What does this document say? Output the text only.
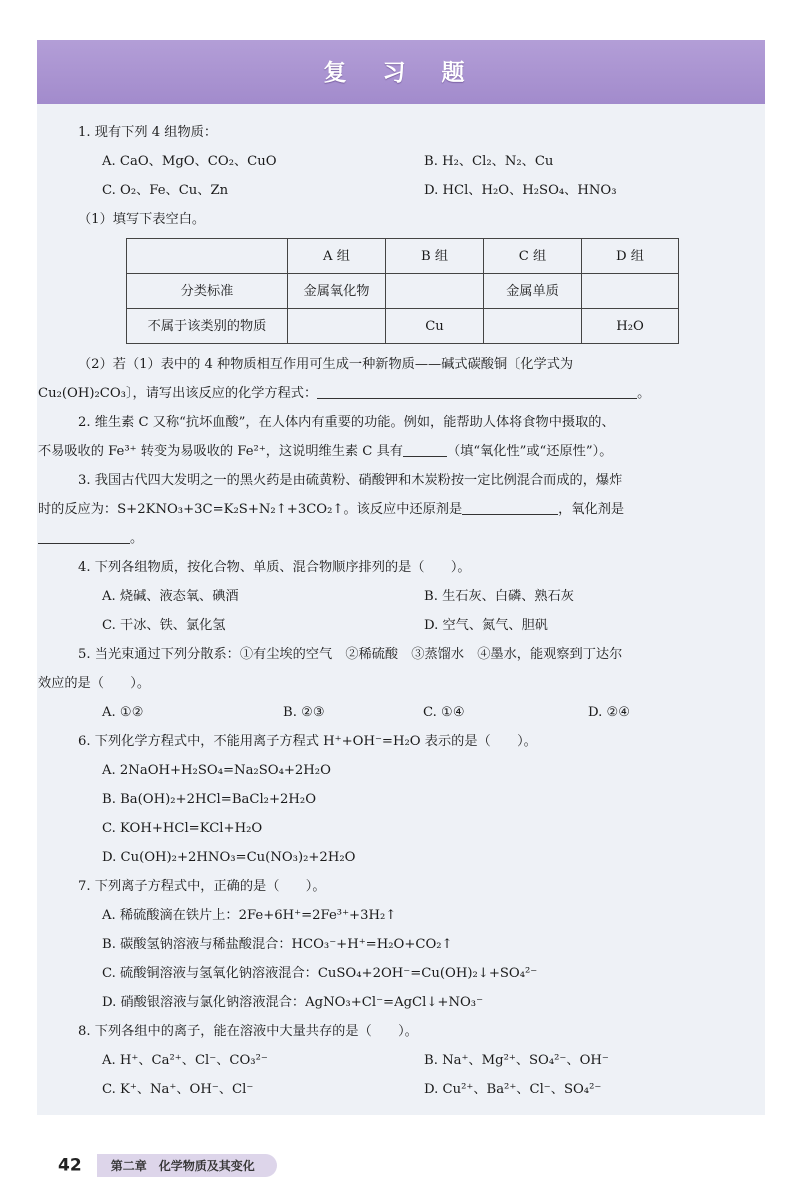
复 习 题
1. 现有下列 4 组物质：
A. CaO、MgO、CO₂、CuO	B. H₂、Cl₂、N₂、Cu
C. O₂、Fe、Cu、Zn	D. HCl、H₂O、H₂SO₄、HNO₃
（1）填写下表空白。
	A 组	B 组	C 组	D 组
分类标准	金属氧化物		金属单质	
不属于该类别的物质		Cu		H₂O
（2）若（1）表中的 4 种物质相互作用可生成一种新物质——碱式碳酸铜〔化学式为
Cu₂(OH)₂CO₃〕，请写出该反应的化学方程式：	。
2. 维生素 C 又称“抗坏血酸”，在人体内有重要的功能。例如，能帮助人体将食物中摄取的、
不易吸收的 Fe³⁺ 转变为易吸收的 Fe²⁺，这说明维生素 C 具有	（填“氧化性”或“还原性”）。
3. 我国古代四大发明之一的黑火药是由硫黄粉、硝酸钾和木炭粉按一定比例混合而成的，爆炸
时的反应为：S+2KNO₃+3C=K₂S+N₂↑+3CO₂↑。该反应中还原剂是	，氧化剂是
。
4. 下列各组物质，按化合物、单质、混合物顺序排列的是（　　）。
A. 烧碱、液态氧、碘酒	B. 生石灰、白磷、熟石灰
C. 干冰、铁、氯化氢	D. 空气、氮气、胆矾
5. 当光束通过下列分散系：①有尘埃的空气　②稀硫酸　③蒸馏水　④墨水，能观察到丁达尔
效应的是（　　）。
A. ①②	B. ②③	C. ①④	D. ②④
6. 下列化学方程式中，不能用离子方程式 H⁺+OH⁻=H₂O 表示的是（　　）。
A. 2NaOH+H₂SO₄=Na₂SO₄+2H₂O
B. Ba(OH)₂+2HCl=BaCl₂+2H₂O
C. KOH+HCl=KCl+H₂O
D. Cu(OH)₂+2HNO₃=Cu(NO₃)₂+2H₂O
7. 下列离子方程式中，正确的是（　　）。
A. 稀硫酸滴在铁片上：2Fe+6H⁺=2Fe³⁺+3H₂↑
B. 碳酸氢钠溶液与稀盐酸混合：HCO₃⁻+H⁺=H₂O+CO₂↑
C. 硫酸铜溶液与氢氧化钠溶液混合：CuSO₄+2OH⁻=Cu(OH)₂↓+SO₄²⁻
D. 硝酸银溶液与氯化钠溶液混合：AgNO₃+Cl⁻=AgCl↓+NO₃⁻
8. 下列各组中的离子，能在溶液中大量共存的是（　　）。
A. H⁺、Ca²⁺、Cl⁻、CO₃²⁻	B. Na⁺、Mg²⁺、SO₄²⁻、OH⁻
C. K⁺、Na⁺、OH⁻、Cl⁻	D. Cu²⁺、Ba²⁺、Cl⁻、SO₄²⁻
42 第二章　化学物质及其变化
